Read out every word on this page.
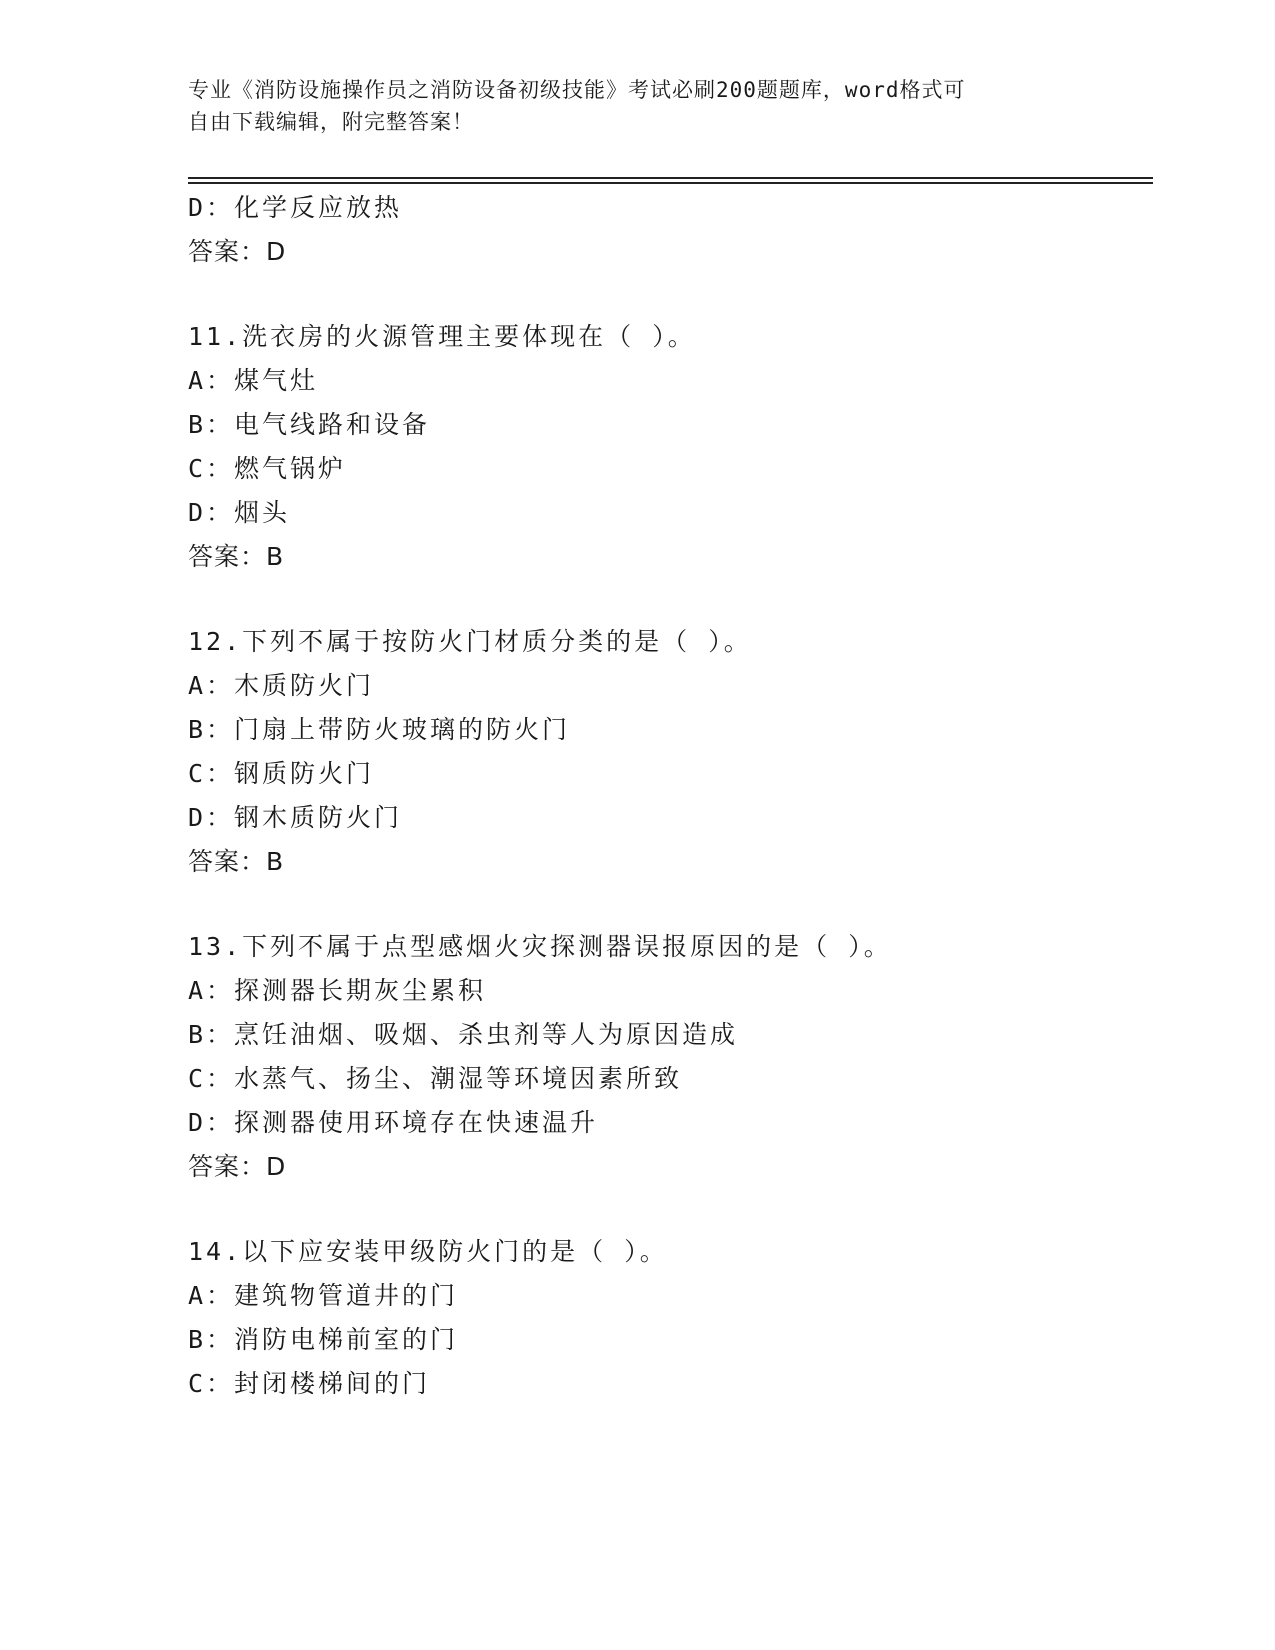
专业《消防设施操作员之消防设备初级技能》考试必刷200题题库，word格式可
自由下载编辑，附完整答案！
D：化学反应放热
答案：D
11.洗衣房的火源管理主要体现在（ ）。
A：煤气灶
B：电气线路和设备
C：燃气锅炉
D：烟头
答案：B
12.下列不属于按防火门材质分类的是（ ）。
A：木质防火门
B：门扇上带防火玻璃的防火门
C：钢质防火门
D：钢木质防火门
答案：B
13.下列不属于点型感烟火灾探测器误报原因的是（ ）。
A：探测器长期灰尘累积
B：烹饪油烟、吸烟、杀虫剂等人为原因造成
C：水蒸气、扬尘、潮湿等环境因素所致
D：探测器使用环境存在快速温升
答案：D
14.以下应安装甲级防火门的是（ ）。
A：建筑物管道井的门
B：消防电梯前室的门
C：封闭楼梯间的门
